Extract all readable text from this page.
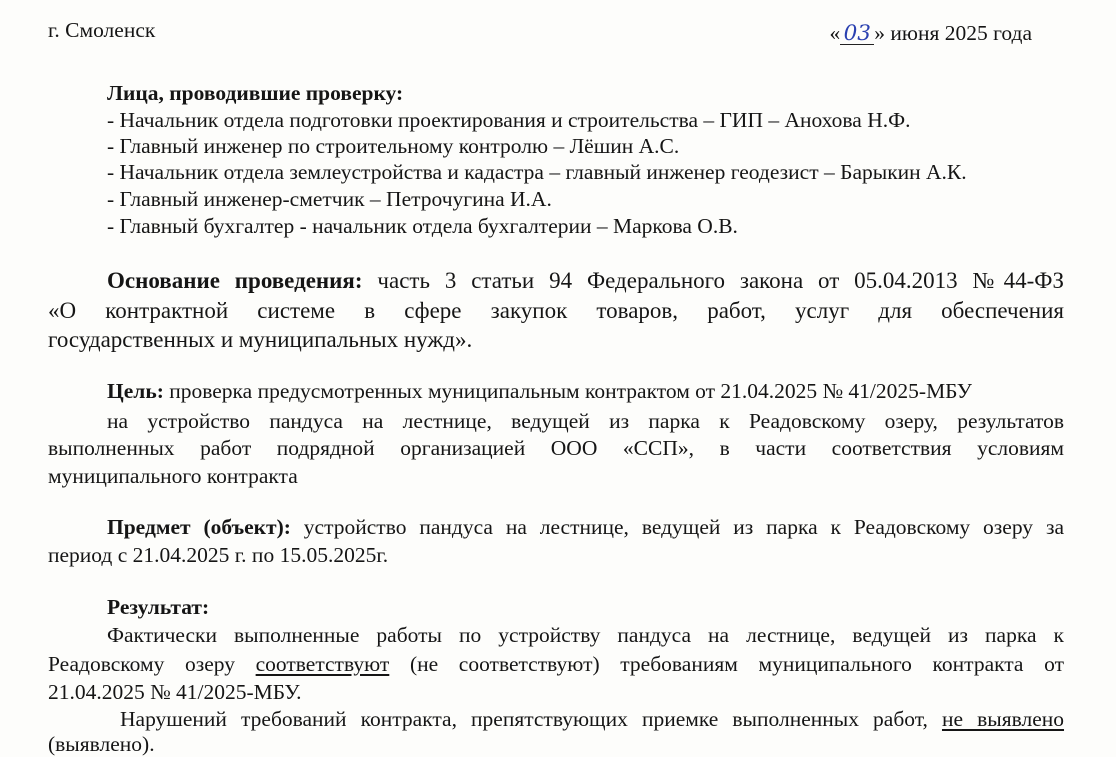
г. Смоленск	« 03 » июня 2025 года
Лица, проводившие проверку:
- Начальник отдела подготовки проектирования и строительства – ГИП – Анохова Н.Ф.
- Главный инженер по строительному контролю – Лёшин А.С.
- Начальник отдела землеустройства и кадастра – главный инженер геодезист – Барыкин А.К.
- Главный инженер-сметчик – Петрочугина И.А.
- Главный бухгалтер - начальник отдела бухгалтерии – Маркова О.В.
Основание проведения: часть 3 статьи 94 Федерального закона от 05.04.2013 №44-ФЗ
«О контрактной системе в сфере закупок товаров, работ, услуг для обеспечения
государственных и муниципальных нужд».
Цель: проверка предусмотренных муниципальным контрактом от 21.04.2025 № 41/2025-МБУ
на устройство пандуса на лестнице, ведущей из парка к Реадовскому озеру, результатов
выполненных работ подрядной организацией ООО «ССП», в части соответствия условиям
муниципального контракта
Предмет (объект): устройство пандуса на лестнице, ведущей из парка к Реадовскому озеру за
период с 21.04.2025 г. по 15.05.2025г.
Результат:
Фактически выполненные работы по устройству пандуса на лестнице, ведущей из парка к
Реадовскому озеру соответствуют (не соответствуют) требованиям муниципального контракта от
21.04.2025 № 41/2025-МБУ.
Нарушений требований контракта, препятствующих приемке выполненных работ, не выявлено
(выявлено).
